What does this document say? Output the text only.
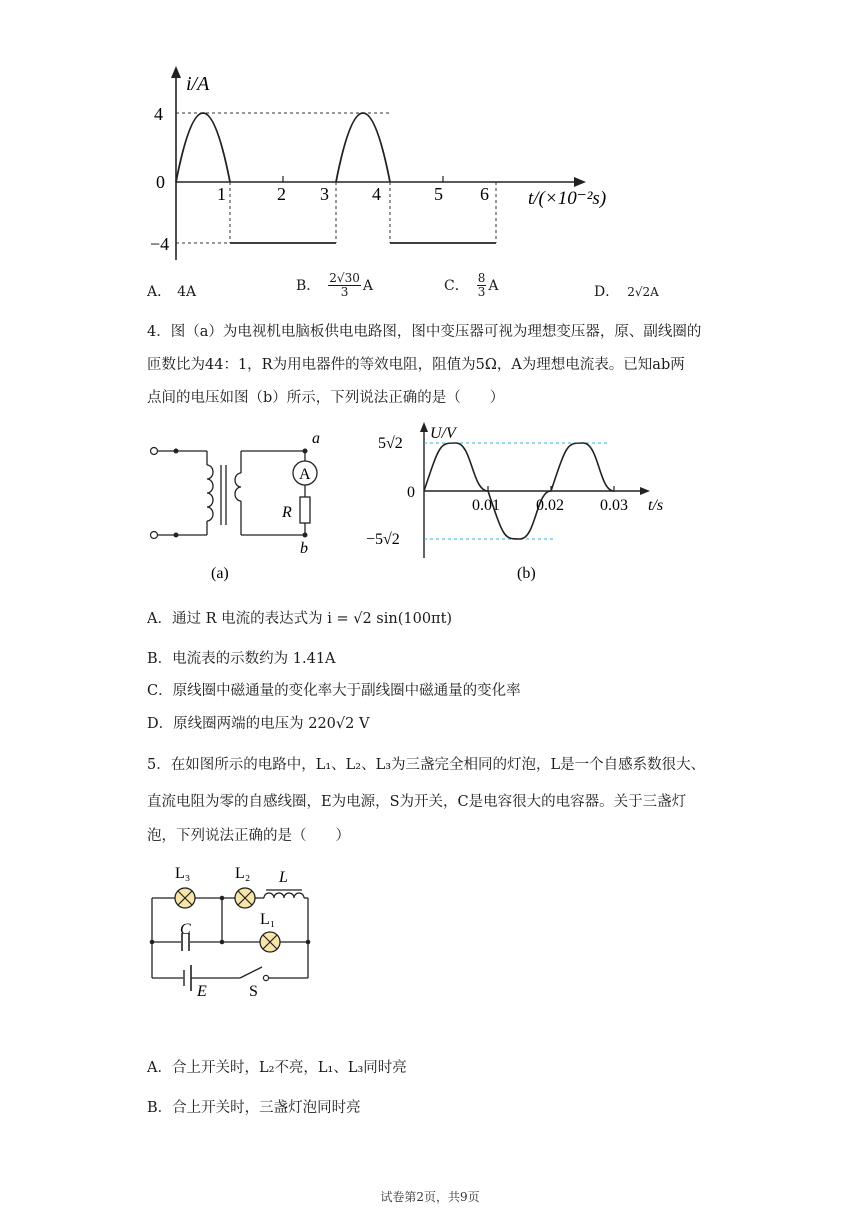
i/A
4
0
−4
1	2 3 4	5 6 t/(×10⁻²s)
A． 4A	B． $\frac{2√30}{3}$ A	C． $\frac{8}{3}$ A	D． 2√2A
4．图（a）为电视机电脑板供电电路图，图中变压器可视为理想变压器，原、副线圈的
匝数比为44：1，R为用电器件的等效电阻，阻值为5Ω，A为理想电流表。已知ab两
点间的电压如图（b）所示，下列说法正确的是（　　）
A
a
b
R
(a)
U/V
5√2
0
−5√2
0.01 0.02 0.03 t/s
(b)
A．通过 R 电流的表达式为 i = √2 sin(100πt)
B．电流表的示数约为 1.41A
C．原线圈中磁通量的变化率大于副线圈中磁通量的变化率
D．原线圈两端的电压为 220√2 V
5．在如图所示的电路中，L₁、L₂、L₃为三盏完全相同的灯泡，L是一个自感系数很大、
直流电阻为零的自感线圈，E为电源，S为开关，C是电容很大的电容器。关于三盏灯
泡，下列说法正确的是（　　）
L₃	L₂ L
L₁
C
E	S
A．合上开关时，L₂不亮，L₁、L₃同时亮
B．合上开关时，三盏灯泡同时亮
试卷第2页，共9页
